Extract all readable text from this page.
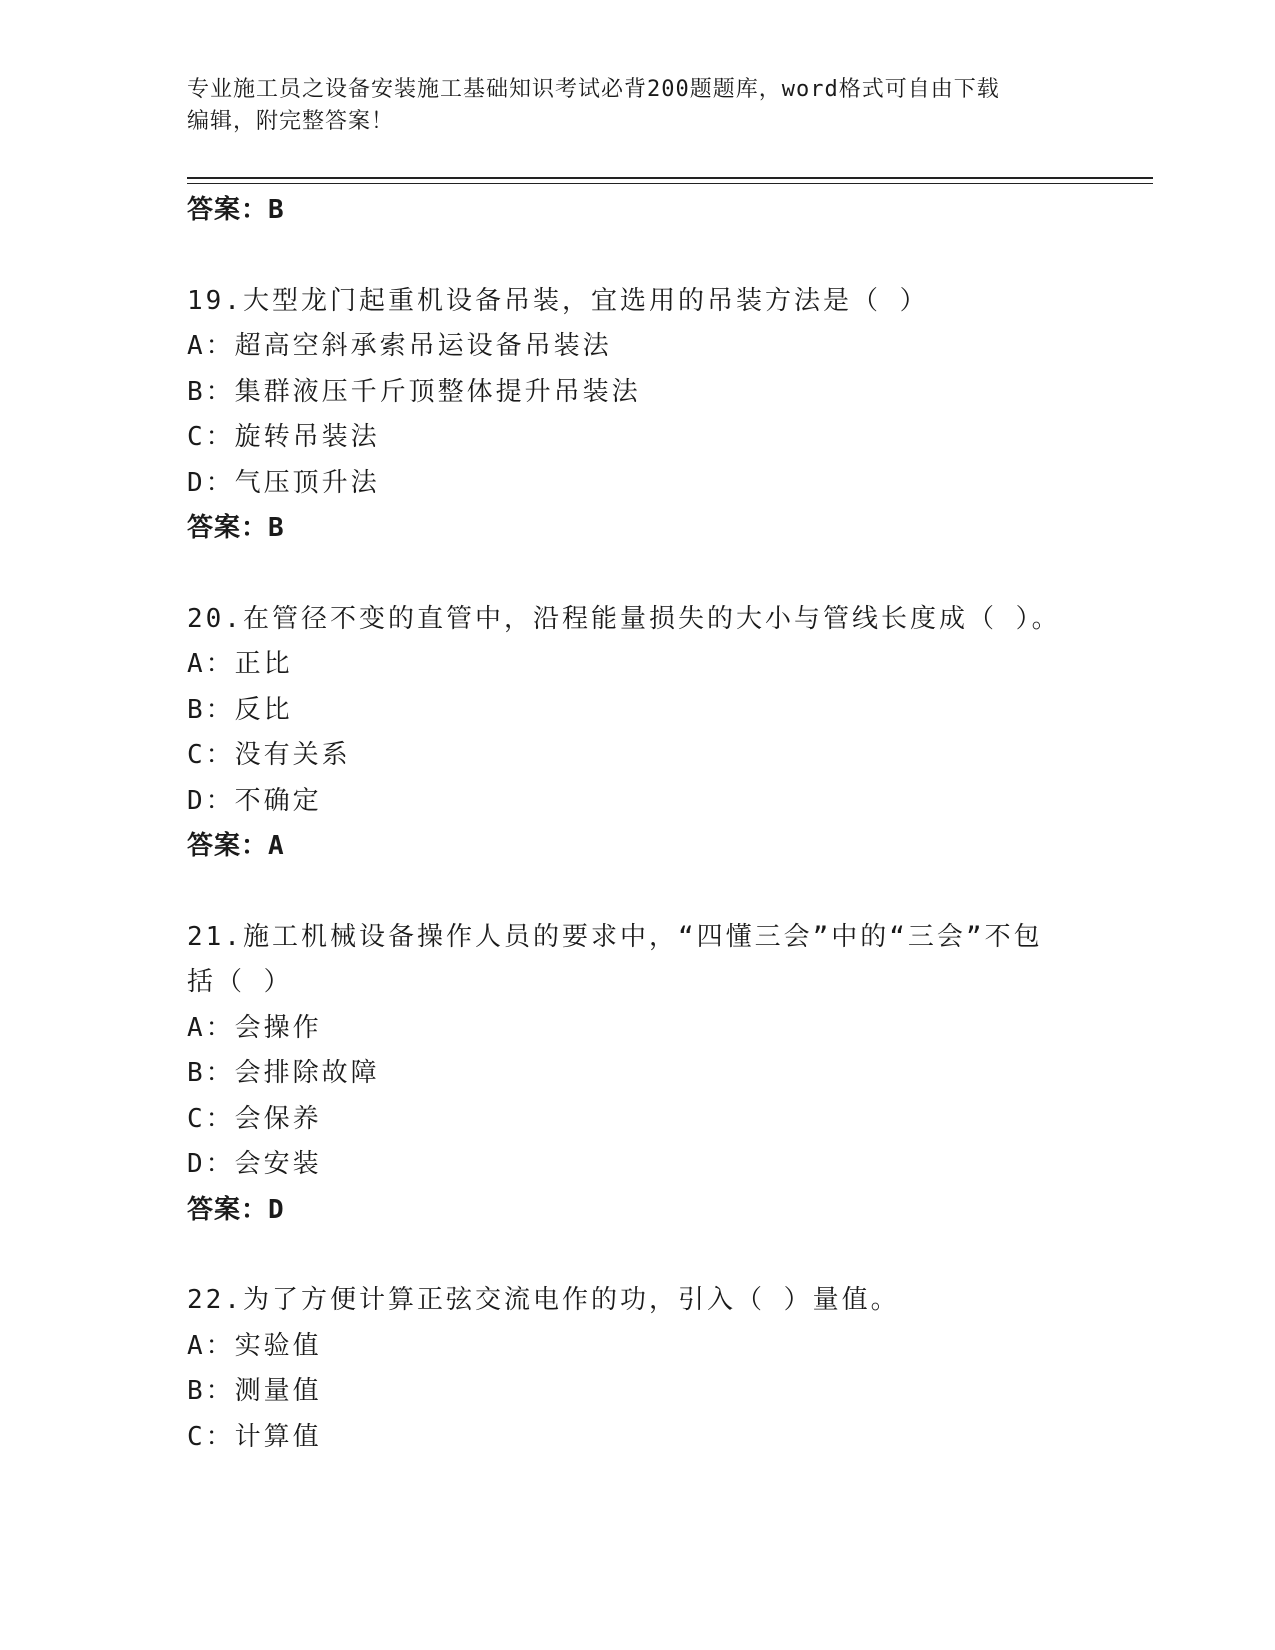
专业施工员之设备安装施工基础知识考试必背200题题库，word格式可自由下载
编辑，附完整答案！
答案：B
19.大型龙门起重机设备吊装，宜选用的吊装方法是（ ）
A：超高空斜承索吊运设备吊装法
B：集群液压千斤顶整体提升吊装法
C：旋转吊装法
D：气压顶升法
答案：B
20.在管径不变的直管中，沿程能量损失的大小与管线长度成（ ）。
A：正比
B：反比
C：没有关系
D：不确定
答案：A
21.施工机械设备操作人员的要求中，“四懂三会”中的“三会”不包
括（ ）
A：会操作
B：会排除故障
C：会保养
D：会安装
答案：D
22.为了方便计算正弦交流电作的功，引入（ ）量值。
A：实验值
B：测量值
C：计算值
